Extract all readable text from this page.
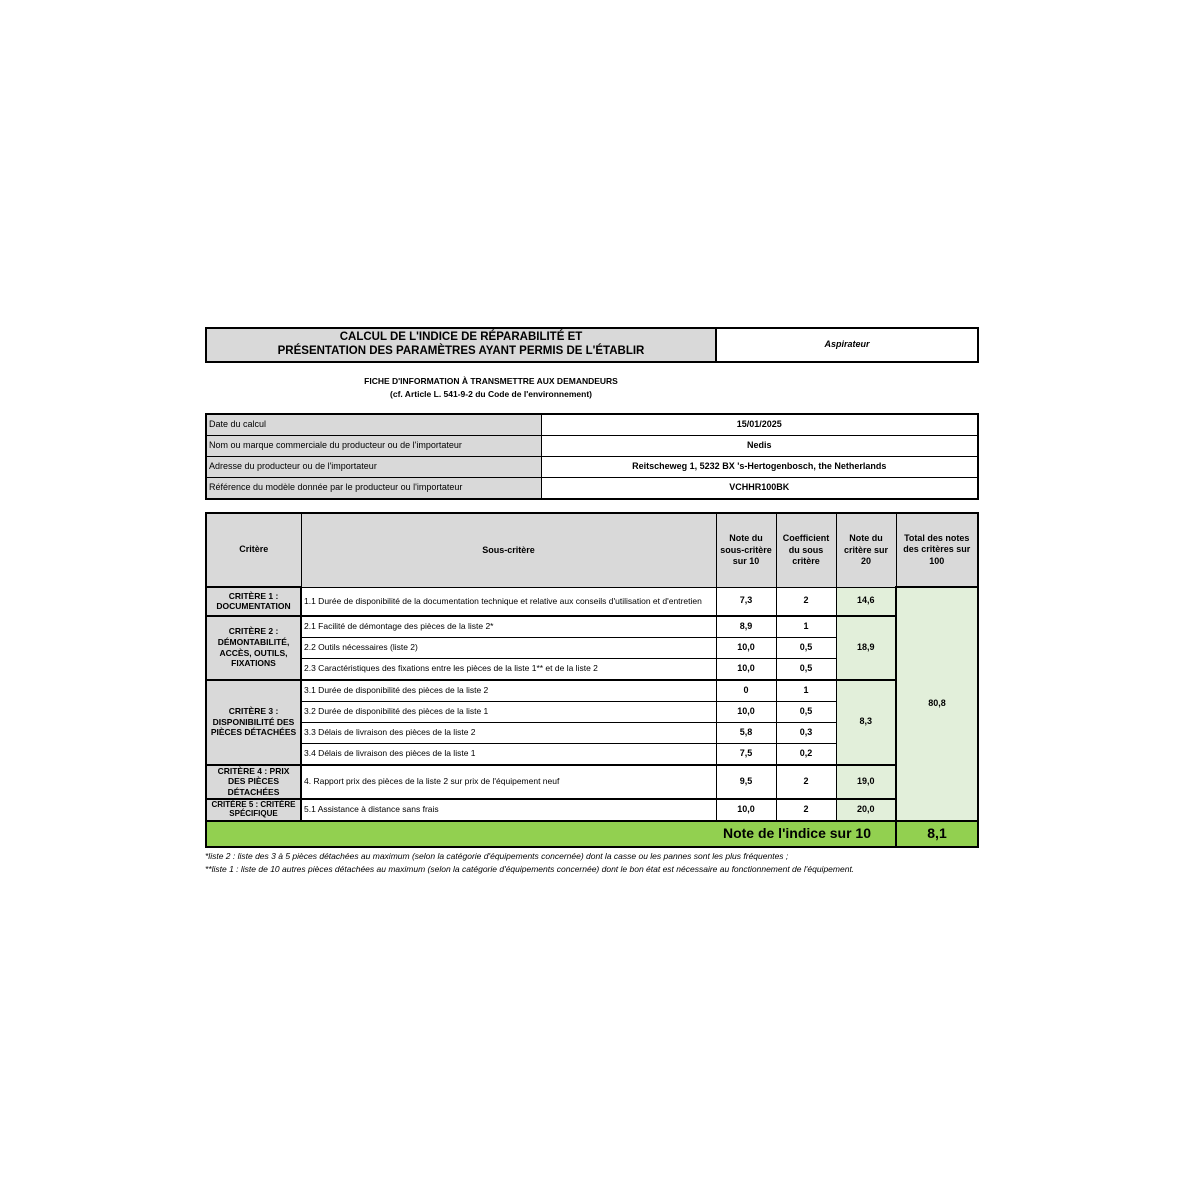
CALCUL DE L'INDICE DE RÉPARABILITÉ ET
PRÉSENTATION DES PARAMÈTRES AYANT PERMIS DE L'ÉTABLIR	Aspirateur
FICHE D'INFORMATION À TRANSMETTRE AUX DEMANDEURS
(cf. Article L. 541-9-2 du Code de l'environnement)
Date du calcul	15/01/2025
Nom ou marque commerciale du producteur ou de l'importateur	Nedis
Adresse du producteur ou de l'importateur	Reitscheweg 1, 5232 BX 's-Hertogenbosch, the Netherlands
Référence du modèle donnée par le producteur ou l'importateur	VCHHR100BK
Critère	Sous-critère	Note du sous-critère sur 10	Coefficient du sous critère	Note du critère sur 20	Total des notes des critères sur 100
CRITÈRE 1 : DOCUMENTATION	1.1 Durée de disponibilité de la documentation technique et relative aux conseils d'utilisation et d'entretien	7,3	2	14,6	80,8
CRITÈRE 2 : DÉMONTABILITÉ, ACCÈS, OUTILS, FIXATIONS	2.1 Facilité de démontage des pièces de la liste 2*	8,9	1	18,9	
	2.2 Outils nécessaires (liste 2)	10,0	0,5		
	2.3 Caractéristiques des fixations entre les pièces de la liste 1** et de la liste 2	10,0	0,5		
CRITÈRE 3 : DISPONIBILITÉ DES PIÈCES DÉTACHÉES	3.1 Durée de disponibilité des pièces de la liste 2	0	1	8,3	
	3.2 Durée de disponibilité des pièces de la liste 1	10,0	0,5		
	3.3 Délais de livraison des pièces de la liste 2	5,8	0,3		
	3.4 Délais de livraison des pièces de la liste 1	7,5	0,2		
CRITÈRE 4 : PRIX DES PIÈCES DÉTACHÉES	4. Rapport prix des pièces de la liste 2 sur prix de l'équipement neuf	9,5	2	19,0	
CRITÈRE 5 : CRITÈRE SPÉCIFIQUE	5.1 Assistance à distance sans frais	10,0	2	20,0	
Note de l'indice sur 10					8,1
*liste 2 : liste des 3 à 5 pièces détachées au maximum (selon la catégorie d'équipements concernée) dont la casse ou les pannes sont les plus fréquentes ;
**liste 1 : liste de 10 autres pièces détachées au maximum (selon la catégorie d'équipements concernée) dont le bon état est nécessaire au fonctionnement de l'équipement.
